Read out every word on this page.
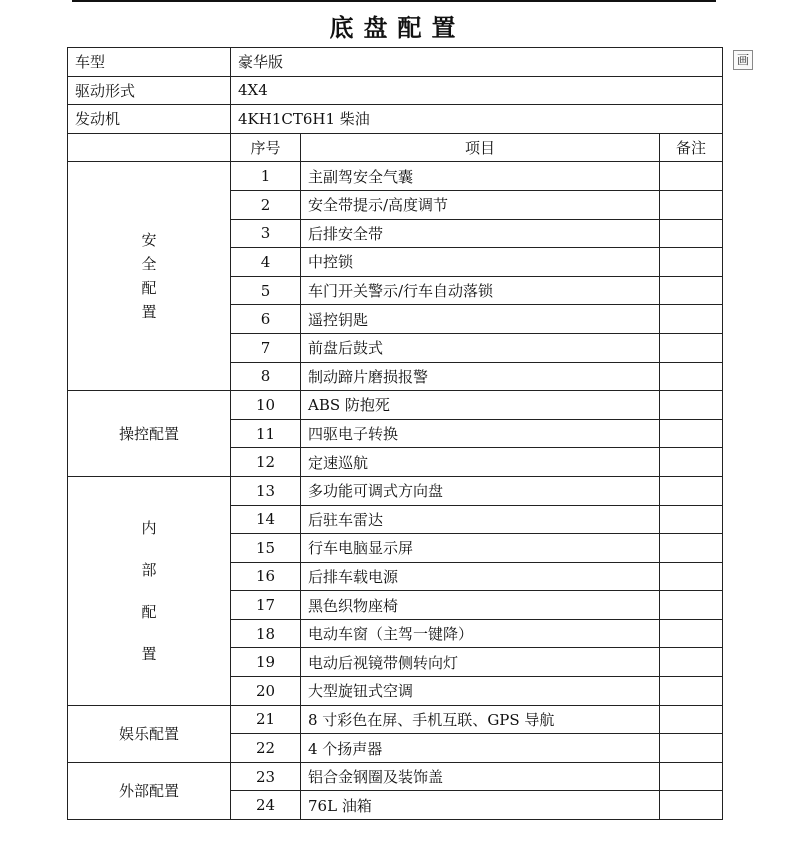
底盘配置
画
车型	豪华版		
驱动形式	4X4		
发动机	4KH1CT6H1 柴油		
	序号	项目	备注

安
全
配
置	1	主副驾安全气囊	
	2	安全带提示/高度调节	
	3	后排安全带	
	4	中控锁	
	5	车门开关警示/行车自动落锁	
	6	遥控钥匙	
	7	前盘后鼓式	
	8	制动蹄片磨损报警	
操控配置	10	ABS 防抱死	
	11	四驱电子转换	
	12	定速巡航	

内
部
配
置	13	多功能可调式方向盘	
	14	后驻车雷达	
	15	行车电脑显示屏	
	16	后排车载电源	
	17	黑色织物座椅	
	18	电动车窗（主驾一键降）	
	19	电动后视镜带侧转向灯	
	20	大型旋钮式空调	
娱乐配置	21	8 寸彩色在屏、手机互联、GPS 导航	
	22	4 个扬声器	
外部配置	23	铝合金钢圈及装饰盖	
	24	76L 油箱	
